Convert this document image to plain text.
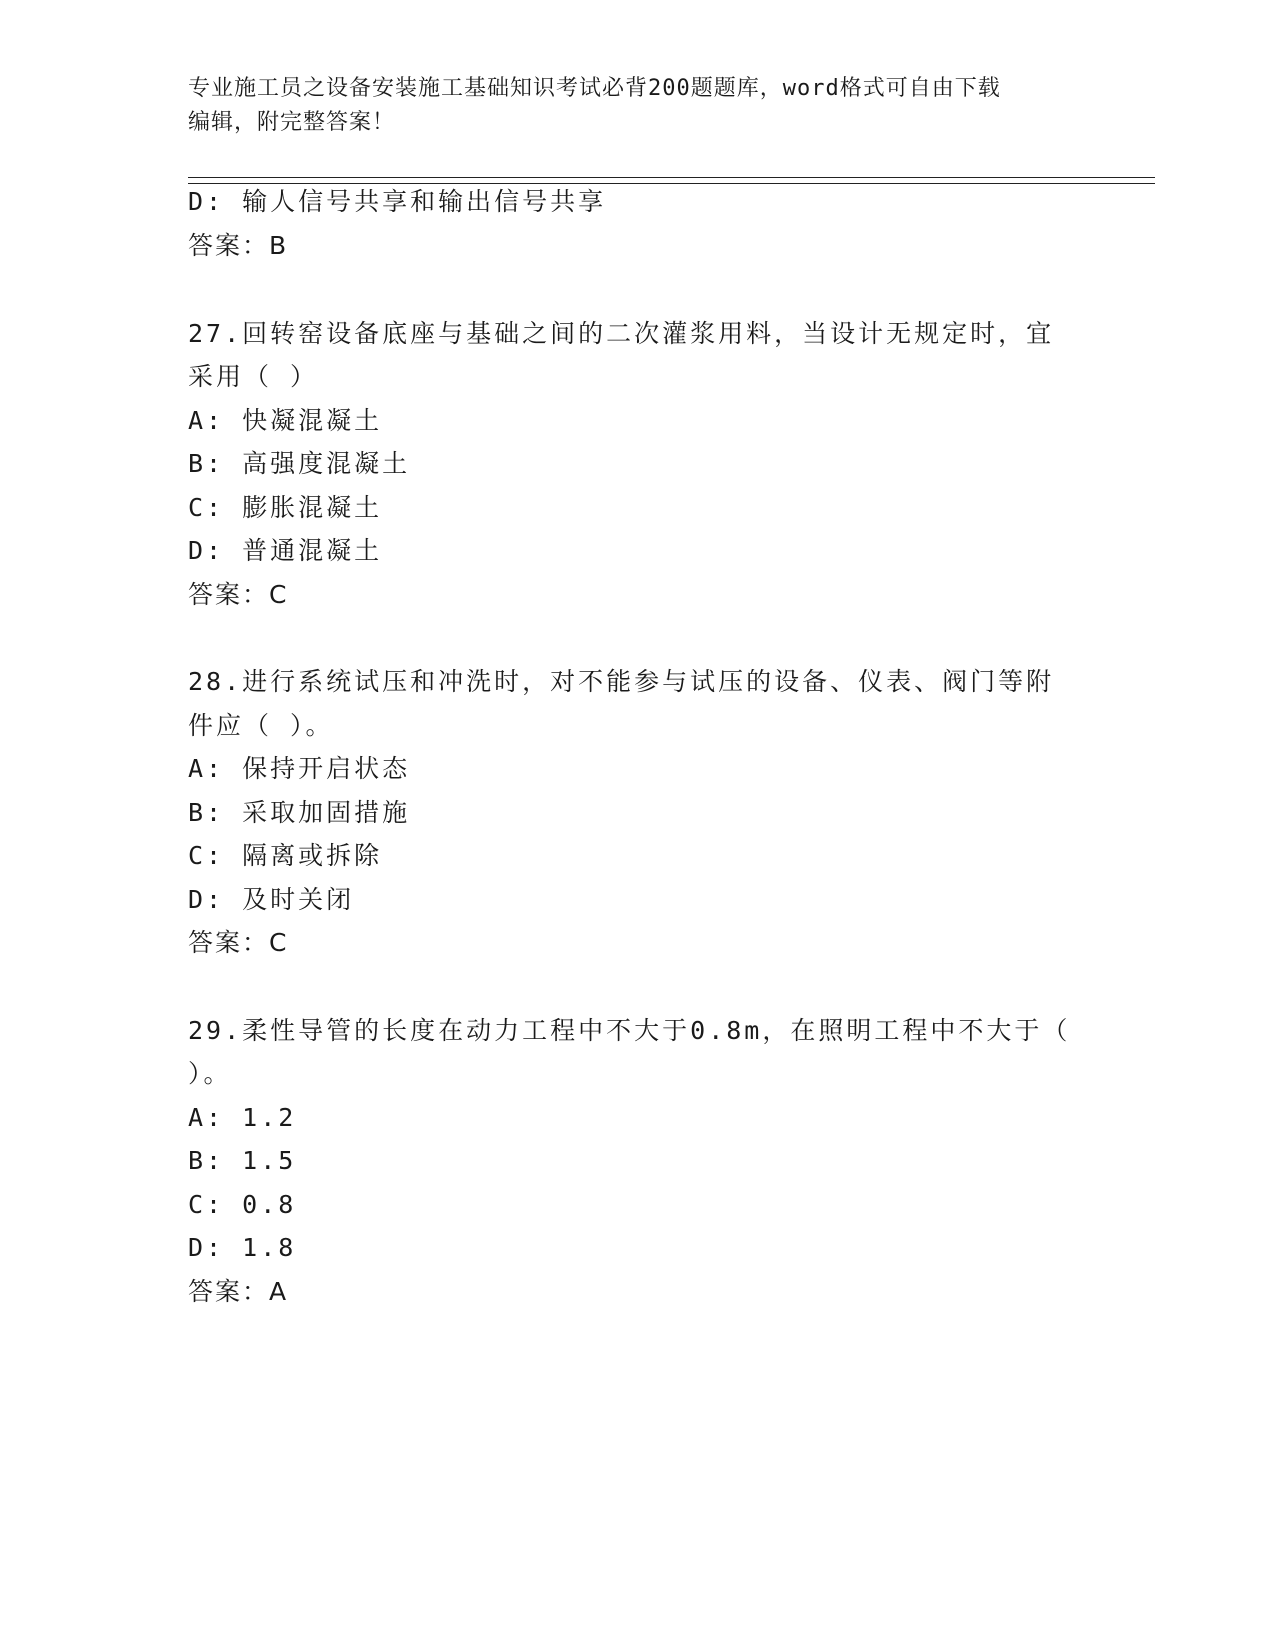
专业施工员之设备安装施工基础知识考试必背200题题库，word格式可自由下载
编辑，附完整答案！
D: 输人信号共享和输出信号共享
答案：B
27.回转窑设备底座与基础之间的二次灌浆用料，当设计无规定时，宜
采用（ ）
A: 快凝混凝土
B: 高强度混凝土
C: 膨胀混凝土
D: 普通混凝土
答案：C
28.进行系统试压和冲洗时，对不能参与试压的设备、仪表、阀门等附
件应（ ）。
A: 保持开启状态
B: 采取加固措施
C: 隔离或拆除
D: 及时关闭
答案：C
29.柔性导管的长度在动力工程中不大于0.8m，在照明工程中不大于（
）。
A: 1.2
B: 1.5
C: 0.8
D: 1.8
答案：A
